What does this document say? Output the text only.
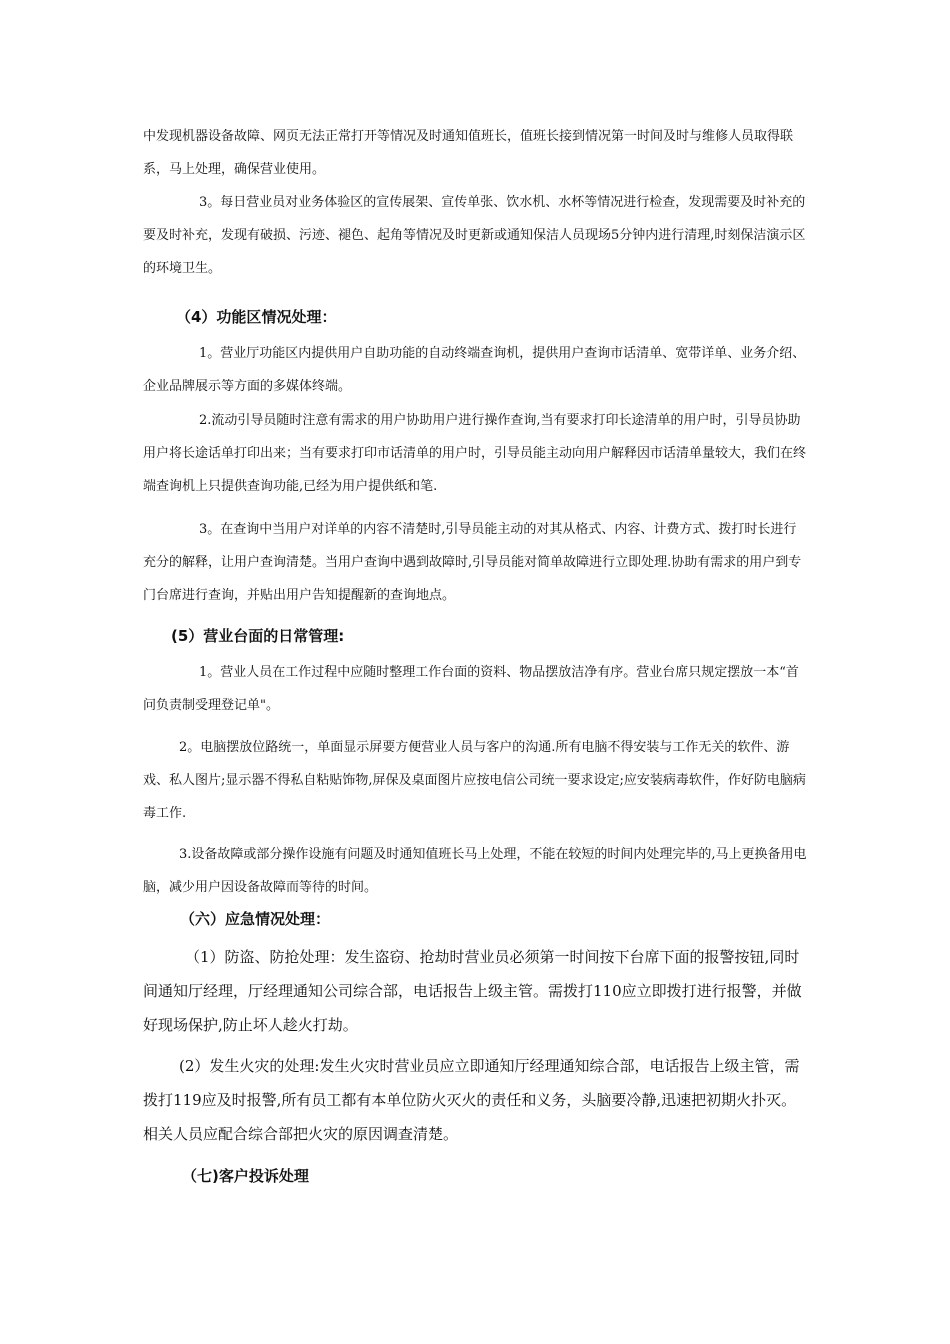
中发现机器设备故障、网页无法正常打开等情况及时通知值班长，值班长接到情况第一时间及时与维修人员取得联系，马上处理，确保营业使用。

3。每日营业员对业务体验区的宣传展架、宣传单张、饮水机、水杯等情况进行检查，发现需要及时补充的要及时补充，发现有破损、污迹、褪色、起角等情况及时更新或通知保洁人员现场5分钟内进行清理,时刻保洁演示区的环境卫生。

（4）功能区情况处理：

1。营业厅功能区内提供用户自助功能的自动终端查询机，提供用户查询市话清单、宽带详单、业务介绍、企业品牌展示等方面的多媒体终端。

2.流动引导员随时注意有需求的用户协助用户进行操作查询,当有要求打印长途清单的用户时，引导员协助用户将长途话单打印出来；当有要求打印市话清单的用户时，引导员能主动向用户解释因市话清单量较大，我们在终端查询机上只提供查询功能,已经为用户提供纸和笔.

3。在查询中当用户对详单的内容不清楚时,引导员能主动的对其从格式、内容、计费方式、拨打时长进行充分的解释，让用户查询清楚。当用户查询中遇到故障时,引导员能对简单故障进行立即处理.协助有需求的用户到专门台席进行查询，并贴出用户告知提醒新的查询地点。

(5）营业台面的日常管理:

1。营业人员在工作过程中应随时整理工作台面的资料、物品摆放洁净有序。营业台席只规定摆放一本“首问负责制受理登记单"。

2。电脑摆放位路统一，单面显示屏要方便营业人员与客户的沟通.所有电脑不得安装与工作无关的软件、游戏、私人图片;显示器不得私自粘贴饰物,屏保及桌面图片应按电信公司统一要求设定;应安装病毒软件，作好防电脑病毒工作.

3.设备故障或部分操作设施有问题及时通知值班长马上处理，不能在较短的时间内处理完毕的,马上更换备用电脑，减少用户因设备故障而等待的时间。

（六）应急情况处理：

（1）防盗、防抢处理：发生盗窃、抢劫时营业员必须第一时间按下台席下面的报警按钮,同时间通知厅经理，厅经理通知公司综合部，电话报告上级主管。需拨打110应立即拨打进行报警，并做好现场保护,防止坏人趁火打劫。

(2）发生火灾的处理:发生火灾时营业员应立即通知厅经理通知综合部，电话报告上级主管，需拨打119应及时报警,所有员工都有本单位防火灭火的责任和义务，头脑要冷静,迅速把初期火扑灭。相关人员应配合综合部把火灾的原因调查清楚。

（七)客户投诉处理
